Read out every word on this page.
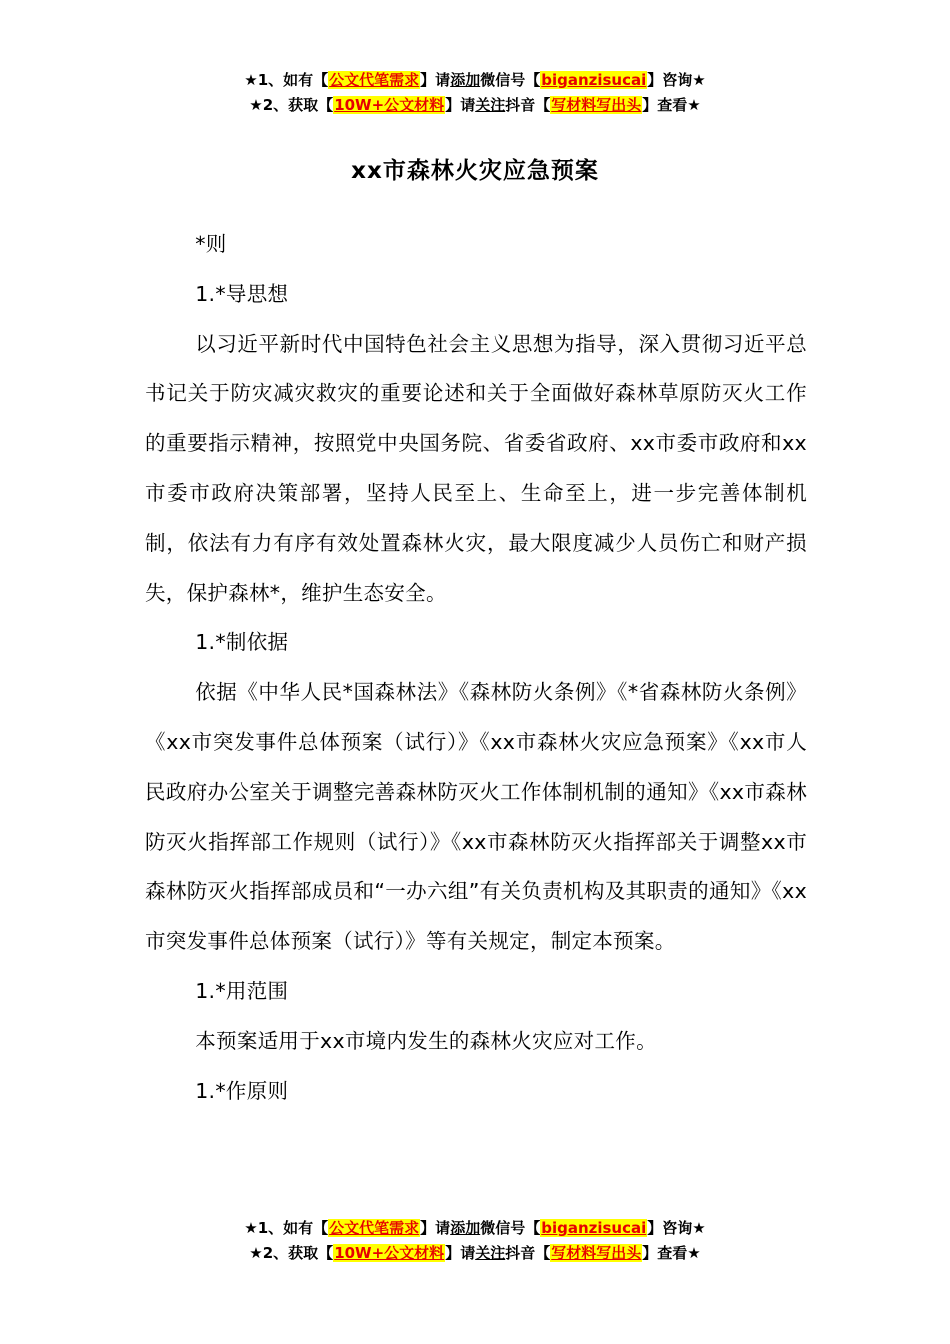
★1、如有【公文代笔需求】请添加微信号【biganzisucai】咨询★
★2、获取【10W+公文材料】请关注抖音【写材料写出头】查看★
xx市森林火灾应急预案

*则

1.*导思想

以习近平新时代中国特色社会主义思想为指导，深入贯彻习近平总书记关于防灾减灾救灾的重要论述和关于全面做好森林草原防灭火工作的重要指示精神，按照党中央国务院、省委省政府、xx市委市政府和xx市委市政府决策部署，坚持人民至上、生命至上，进一步完善体制机制，依法有力有序有效处置森林火灾，最大限度减少人员伤亡和财产损失，保护森林*，维护生态安全。

1.*制依据

依据《中华人民*国森林法》《森林防火条例》《*省森林防火条例》《xx市突发事件总体预案（试行）》《xx市森林火灾应急预案》《xx市人民政府办公室关于调整完善森林防灭火工作体制机制的通知》《xx市森林防灭火指挥部工作规则（试行）》《xx市森林防灭火指挥部关于调整xx市森林防灭火指挥部成员和“一办六组”有关负责机构及其职责的通知》《xx市突发事件总体预案（试行）》等有关规定，制定本预案。

1.*用范围

本预案适用于xx市境内发生的森林火灾应对工作。

1.*作原则

★1、如有【公文代笔需求】请添加微信号【biganzisucai】咨询★
★2、获取【10W+公文材料】请关注抖音【写材料写出头】查看★
